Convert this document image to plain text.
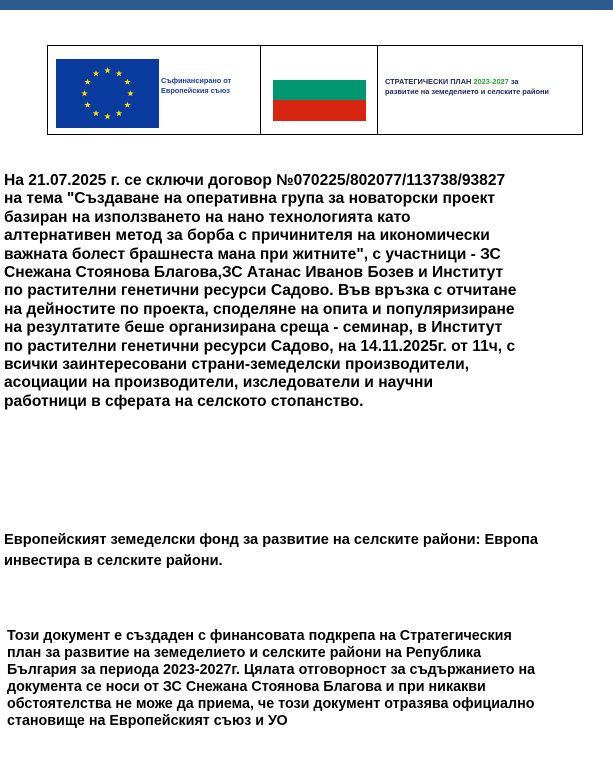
Съфинансирано от
Европейския съюз
СТРАТЕГИЧЕСКИ ПЛАН 2023-2027 за
развитие на земеделието и селските райони

На 21.07.2025 г. се сключи договор №070225/802077/113738/93827
на тема "Създаване на оперативна група за новаторски проект
базиран на използването на нано технологията като
алтернативен метод за борба с причинителя на икономически
важната болест брашнеста мана при житните", с участници - ЗС
Снежана Стоянова Благова,ЗС Атанас Иванов Бозев и Институт
по растителни генетични ресурси Садово. Във връзка с отчитане
на дейностите по проекта, споделяне на опита и популяризиране
на резултатите беше организирана среща - семинар, в Институт
по растителни генетични ресурси Садово, на 14.11.2025г. от 11ч, с
всички заинтересовани страни-земеделски производители,
асоциации на производители, изследователи и научни
работници в сферата на селското стопанство.

Европейският земеделски фонд за развитие на селските райони: Европа
инвестира в селските райони.

Този документ е създаден с финансовата подкрепа на Стратегическия
план за развитие на земеделието и селските райони на Република
България за периода 2023-2027г. Цялата отговорност за съдържанието на
документа се носи от ЗС Снежана Стоянова Благова и при никакви
обстоятелства не може да приема, че този документ отразява официално
становище на Европейският съюз и УО
